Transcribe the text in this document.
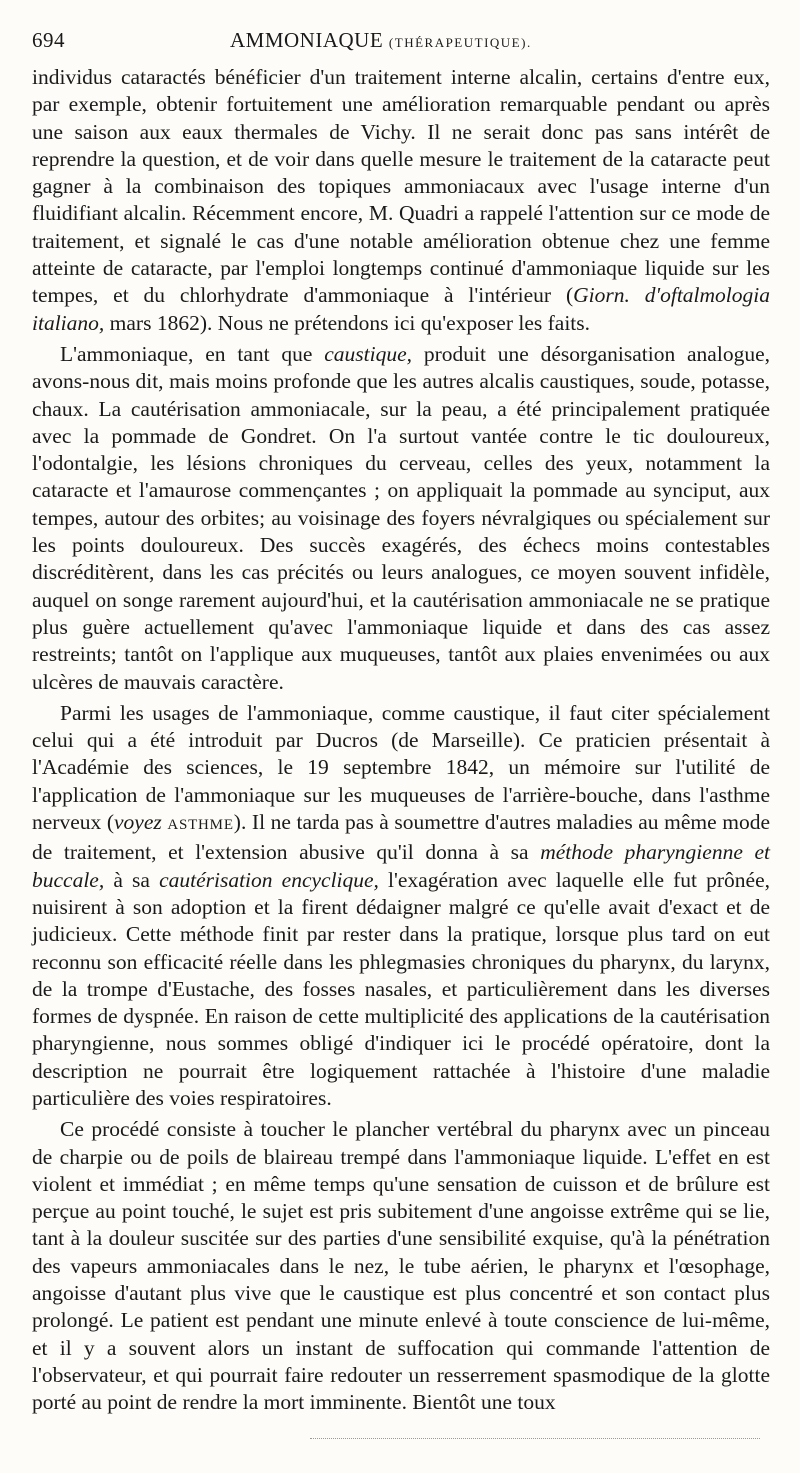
694	AMMONIAQUE (THÉRAPEUTIQUE).

individus cataractés bénéficier d'un traitement interne alcalin, certains d'entre eux, par exemple, obtenir fortuitement une amélioration remarquable pendant ou après une saison aux eaux thermales de Vichy. Il ne serait donc pas sans intérêt de reprendre la question, et de voir dans quelle mesure le traitement de la cataracte peut gagner à la combinaison des topiques ammoniacaux avec l'usage interne d'un fluidifiant alcalin. Récemment encore, M. Quadri a rappelé l'attention sur ce mode de traitement, et signalé le cas d'une notable amélioration obtenue chez une femme atteinte de cataracte, par l'emploi longtemps continué d'ammoniaque liquide sur les tempes, et du chlorhydrate d'ammoniaque à l'intérieur (Giorn. d'oftalmologia italiano, mars 1862). Nous ne prétendons ici qu'exposer les faits.

L'ammoniaque, en tant que caustique, produit une désorganisation analogue, avons-nous dit, mais moins profonde que les autres alcalis caustiques, soude, potasse, chaux. La cautérisation ammoniacale, sur la peau, a été principalement pratiquée avec la pommade de Gondret. On l'a surtout vantée contre le tic douloureux, l'odontalgie, les lésions chroniques du cerveau, celles des yeux, notamment la cataracte et l'amaurose commençantes ; on appliquait la pommade au synciput, aux tempes, autour des orbites; au voisinage des foyers névralgiques ou spécialement sur les points douloureux. Des succès exagérés, des échecs moins contestables discréditèrent, dans les cas précités ou leurs analogues, ce moyen souvent infidèle, auquel on songe rarement aujourd'hui, et la cautérisation ammoniacale ne se pratique plus guère actuellement qu'avec l'ammoniaque liquide et dans des cas assez restreints; tantôt on l'applique aux muqueuses, tantôt aux plaies envenimées ou aux ulcères de mauvais caractère.

Parmi les usages de l'ammoniaque, comme caustique, il faut citer spécialement celui qui a été introduit par Ducros (de Marseille). Ce praticien présentait à l'Académie des sciences, le 19 septembre 1842, un mémoire sur l'utilité de l'application de l'ammoniaque sur les muqueuses de l'arrière-bouche, dans l'asthme nerveux (voyez ASTHME). Il ne tarda pas à soumettre d'autres maladies au même mode de traitement, et l'extension abusive qu'il donna à sa méthode pharyngienne et buccale, à sa cautérisation encyclique, l'exagération avec laquelle elle fut prônée, nuisirent à son adoption et la firent dédaigner malgré ce qu'elle avait d'exact et de judicieux. Cette méthode finit par rester dans la pratique, lorsque plus tard on eut reconnu son efficacité réelle dans les phlegmasies chroniques du pharynx, du larynx, de la trompe d'Eustache, des fosses nasales, et particulièrement dans les diverses formes de dyspnée. En raison de cette multiplicité des applications de la cautérisation pharyngienne, nous sommes obligé d'indiquer ici le procédé opératoire, dont la description ne pourrait être logiquement rattachée à l'histoire d'une maladie particulière des voies respiratoires.

Ce procédé consiste à toucher le plancher vertébral du pharynx avec un pinceau de charpie ou de poils de blaireau trempé dans l'ammoniaque liquide. L'effet en est violent et immédiat ; en même temps qu'une sensation de cuisson et de brûlure est perçue au point touché, le sujet est pris subitement d'une angoisse extrême qui se lie, tant à la douleur suscitée sur des parties d'une sensibilité exquise, qu'à la pénétration des vapeurs ammoniacales dans le nez, le tube aérien, le pharynx et l'œsophage, angoisse d'autant plus vive que le caustique est plus concentré et son contact plus prolongé. Le patient est pendant une minute enlevé à toute conscience de lui-même, et il y a souvent alors un instant de suffocation qui commande l'attention de l'observateur, et qui pourrait faire redouter un resserrement spasmodique de la glotte porté au point de rendre la mort imminente. Bientôt une toux
